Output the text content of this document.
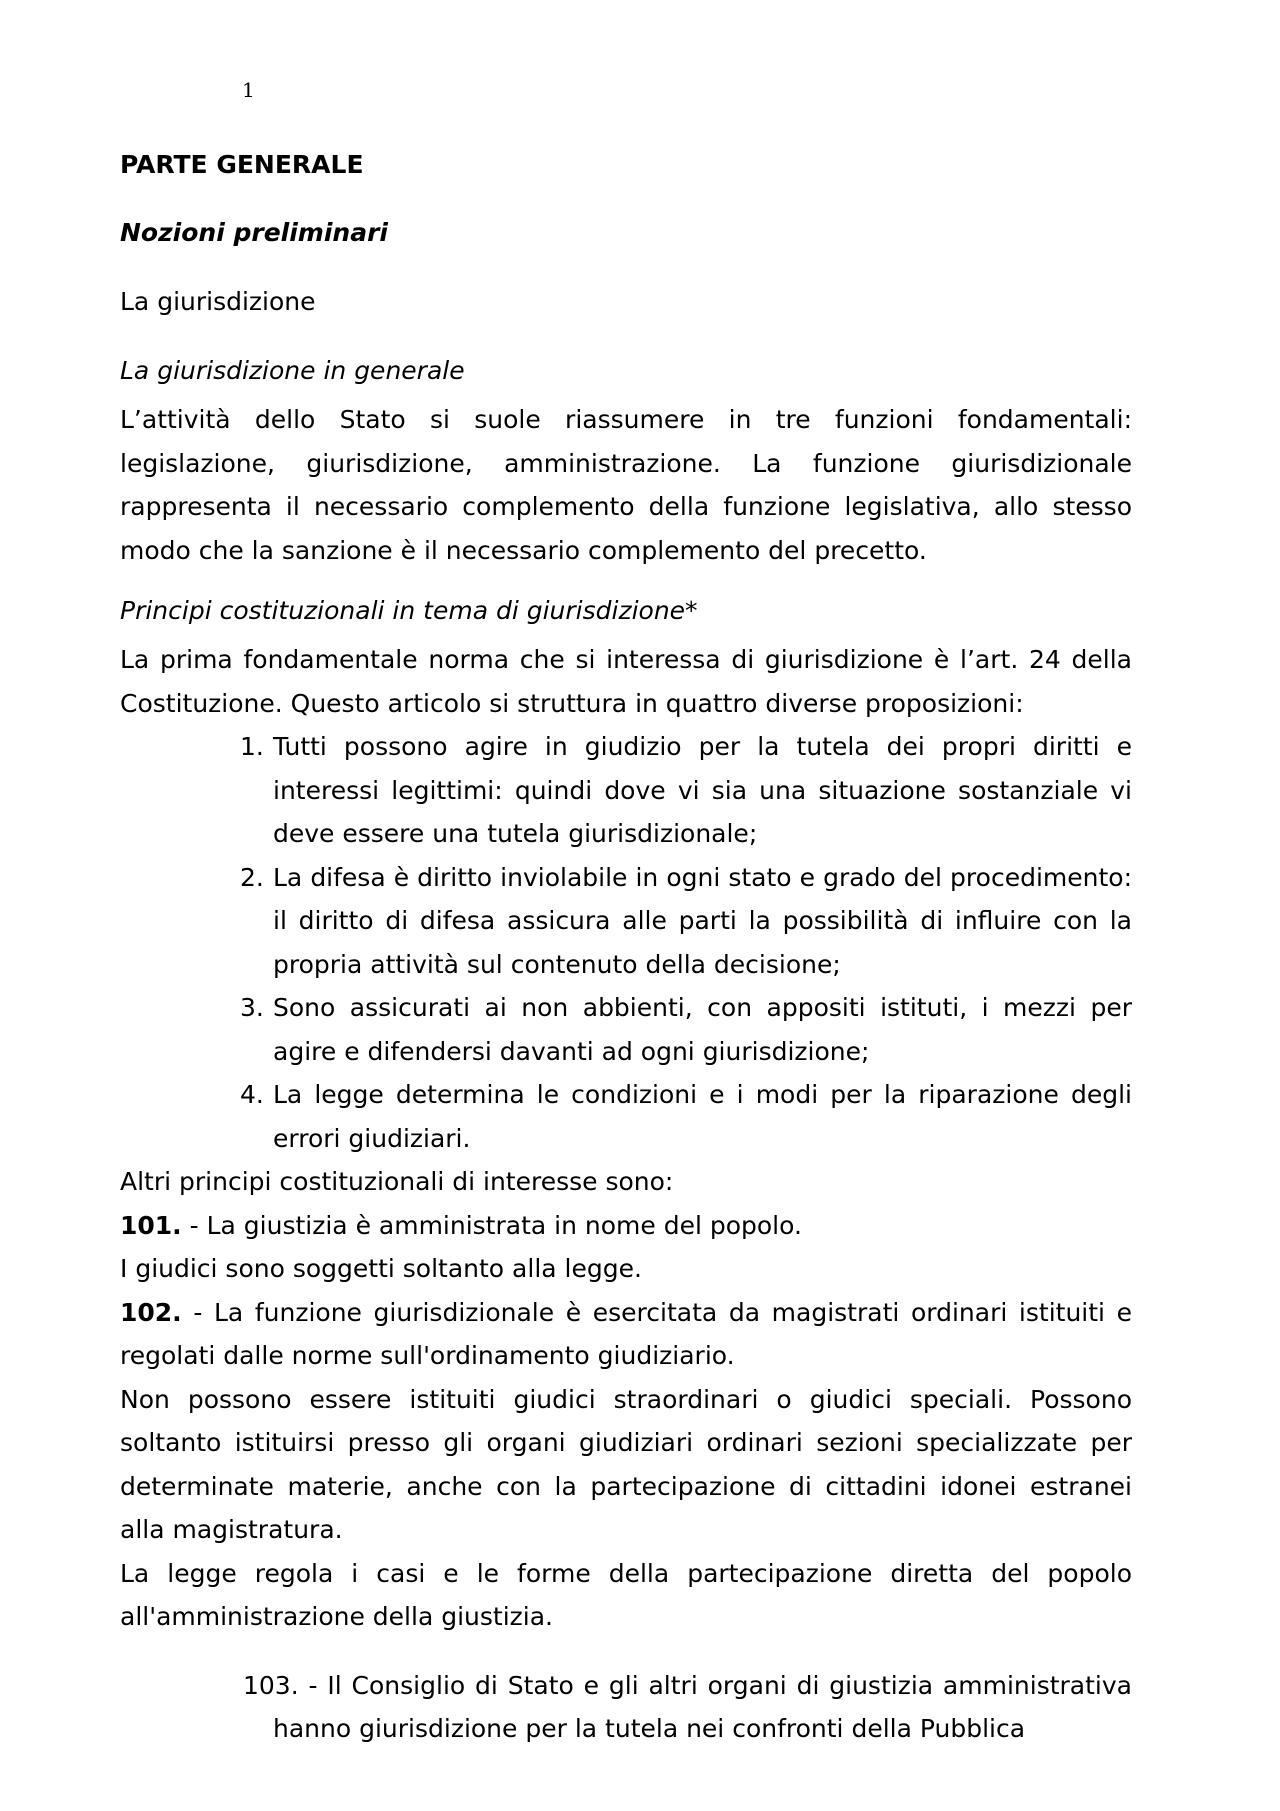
1
PARTE GENERALE
Nozioni preliminari
La giurisdizione
La giurisdizione in generale

L’attività dello Stato si suole riassumere in tre funzioni fondamentali: legislazione, giurisdizione, amministrazione. La funzione giurisdizionale rappresenta il necessario complemento della funzione legislativa, allo stesso modo che la sanzione è il necessario complemento del precetto.

Principi costituzionali in tema di giurisdizione*

La prima fondamentale norma che si interessa di giurisdizione è l’art. 24 della Costituzione. Questo articolo si struttura in quattro diverse proposizioni:

1. Tutti possono agire in giudizio per la tutela dei propri diritti e interessi legittimi: quindi dove vi sia una situazione sostanziale vi deve essere una tutela giurisdizionale;
2. La difesa è diritto inviolabile in ogni stato e grado del procedimento: il diritto di difesa assicura alle parti la possibilità di influire con la propria attività sul contenuto della decisione;
3. Sono assicurati ai non abbienti, con appositi istituti, i mezzi per agire e difendersi davanti ad ogni giurisdizione;
4. La legge determina le condizioni e i modi per la riparazione degli errori giudiziari.

Altri principi costituzionali di interesse sono:

101. - La giustizia è amministrata in nome del popolo.

I giudici sono soggetti soltanto alla legge.

102. - La funzione giurisdizionale è esercitata da magistrati ordinari istituiti e regolati dalle norme sull'ordinamento giudiziario.

Non possono essere istituiti giudici straordinari o giudici speciali. Possono soltanto istituirsi presso gli organi giudiziari ordinari sezioni specializzate per determinate materie, anche con la partecipazione di cittadini idonei estranei alla magistratura.

La legge regola i casi e le forme della partecipazione diretta del popolo all'amministrazione della giustizia.

103. - Il Consiglio di Stato e gli altri organi di giustizia amministrativa hanno giurisdizione per la tutela nei confronti della Pubblica
